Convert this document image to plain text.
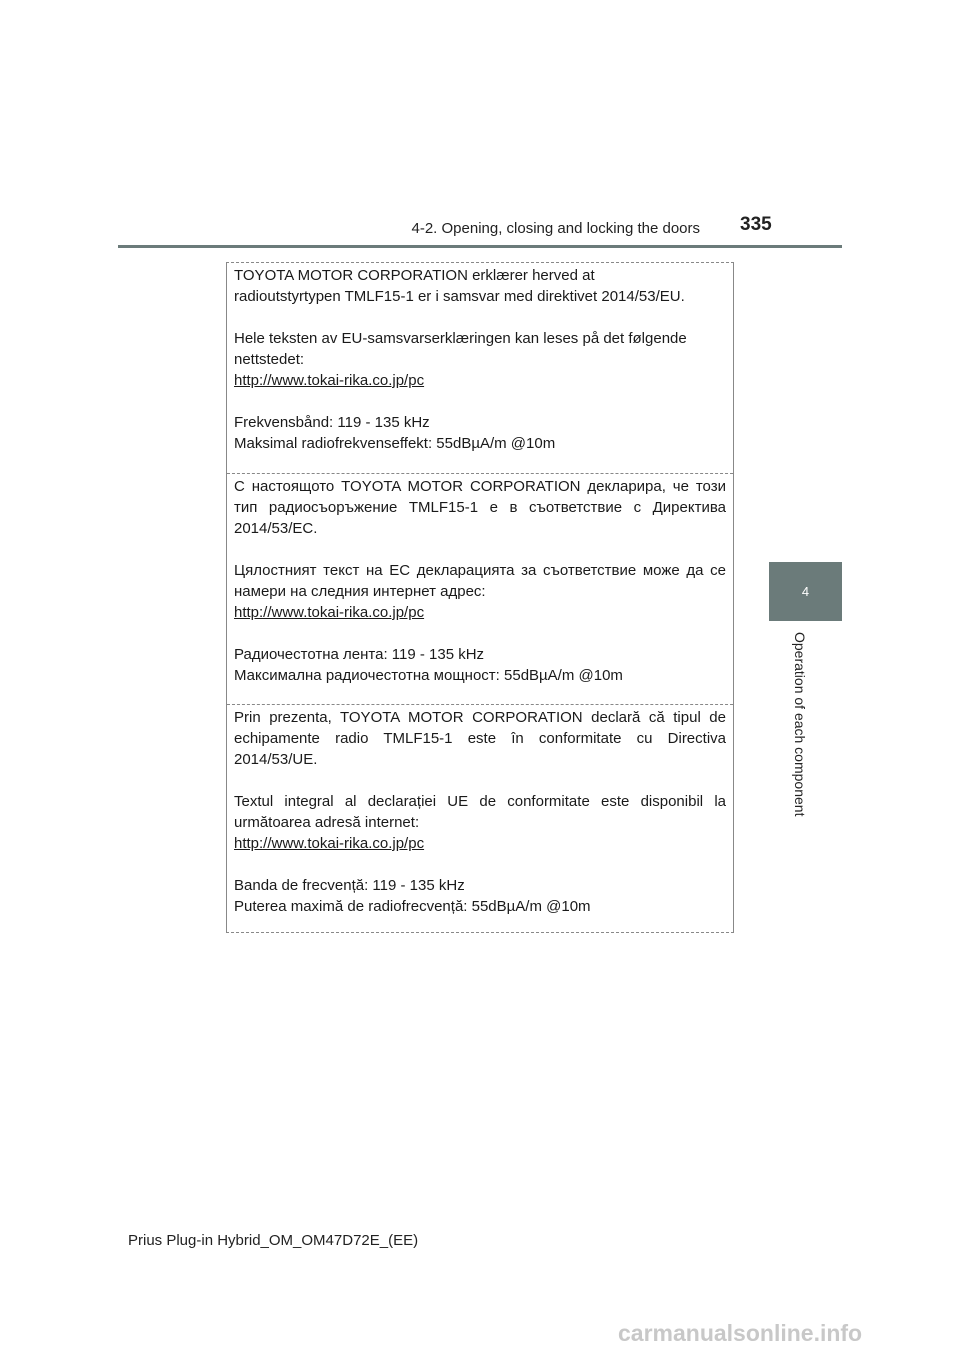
4-2. Opening, closing and locking the doors 335
4
Operation of each component

TOYOTA MOTOR CORPORATION erklærer herved at

radioutstyrtypen TMLF15-1 er i samsvar med direktivet 2014/53/EU.

Hele teksten av EU-samsvarserklæringen kan leses på det følgende

nettstedet:

http://www.tokai-rika.co.jp/pc

Frekvensbånd: 119 - 135 kHz

Maksimal radiofrekvenseffekt: 55dBµA/m @10m

С настоящото TOYOTA MOTOR CORPORATION декларира, че този тип радиосъоръжение TMLF15-1 е в съответствие с Директива 2014/53/ЕС.

Цялостният текст на ЕС декларацията за съответствие може да се намери на следния интернет адрес:

http://www.tokai-rika.co.jp/pc

Радиочестотна лента: 119 - 135 kHz

Максимална радиочестотна мощност: 55dBµA/m @10m

Prin prezenta, TOYOTA MOTOR CORPORATION declară că tipul de echipamente radio TMLF15-1 este în conformitate cu Directiva 2014/53/UE.

Textul integral al declarației UE de conformitate este disponibil la următoarea adresă internet:

http://www.tokai-rika.co.jp/pc

Banda de frecvență: 119 - 135 kHz

Puterea maximă de radiofrecvență: 55dBµA/m @10m

Prius Plug-in Hybrid_OM_OM47D72E_(EE)
carmanualsonline.info
